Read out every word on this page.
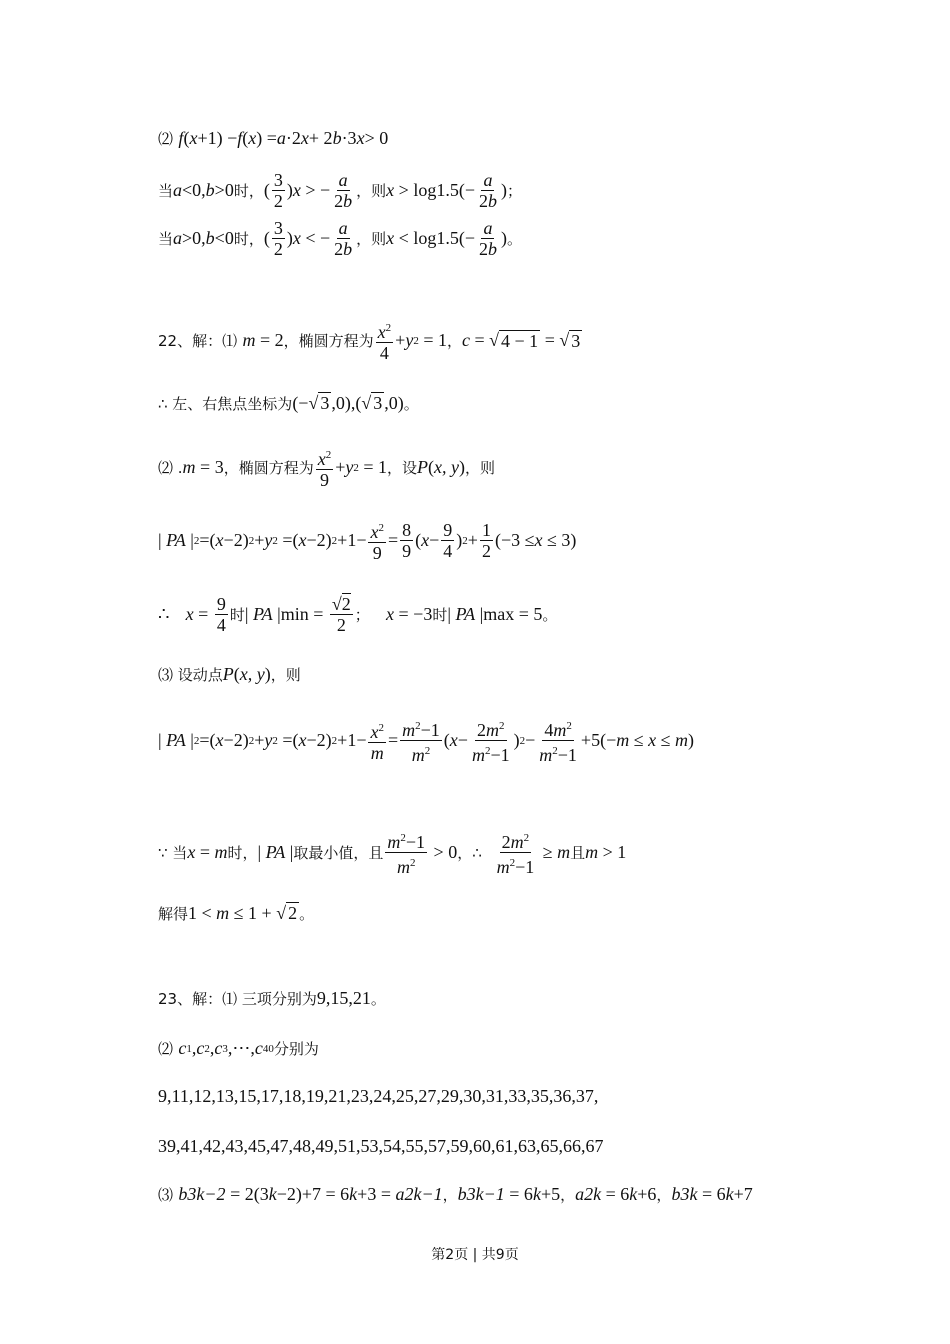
⑵
f ( x +1) − f ( x ) = a ·2 x + 2 b ·3 x > 0
当 a <0, b >0 时， ( $\frac{3}{2}$ ) x > − $\frac{a}{2b}$ ，则 x > log 1.5 (− $\frac{a}{2b}$ ) ；
当 a >0, b <0 时， ( $\frac{3}{2}$ ) x < − $\frac{a}{2b}$ ，则 x < log 1.5 (− $\frac{a}{2b}$ ) 。
22、解：⑴
m = 2 ，椭圆方程为 $\frac{x^2}{4} + y$ 2 = 1 ， c = √ 4 − 1 = √ 3
∴ 左、右焦点坐标为 (−√ 3 ,0),(√ 3 ,0) 。
⑵ . m = 3 ，椭圆方程为 $\frac{x^2}{9} + y$ 2 = 1 ，设 P ( x, y ) ，则
| PA | 2 =( x −2) 2 + y 2 =( x −2) $2 +1- \frac{x^2}{9} = \frac{8}{9}$ ( $x - \frac{9}{4}$ ) $2 + \frac{1}{2} (-3 \le x \le 3)$
∴
$x = \frac{9}{4}$ 时 | PA | $\min = \frac{√2}{2}$ ；
x = −3 时 | PA | max = 5 。
⑶ 设动点 P ( x, y ) ，则
| PA | 2 =( x −2) 2 + y 2 =( x −2) $2 +1- \frac{x^2}{m} = \frac{m^2-1}{m^2}$ ( $x - \frac{2m^2}{m^2-1}$ ) $2 - \frac{4m^2}{m^2-1} +5(- m \le x \le m$ )
∵ 当 x = m 时， | PA | 取最小值，且 $\frac{m^2-1}{m^2} > 0$ ，∴
$\frac{2m^2}{m^2-1} \ge m$ 且 m > 1
解得 1 < m ≤ 1 + √ 2 。
23、解：⑴ 三项分别为 9,15,21 。
⑵
c 1 , c 2 , c 3 ,⋯, c 40 分别为
9,11,12,13,15,17,18,19,21,23,24,25,27,29,30,31,33,35,36,37,
39,41,42,43,45,47,48,49,51,53,54,55,57,59,60,61,63,65,66,67
⑶
b 3k−2 = 2(3 k −2)+7 = 6 k +3 = a 2k−1 ， b 3k−1 = 6 k +5 ， a 2k = 6 k +6 ， b 3k = 6 k +7
第2页 | 共9页
